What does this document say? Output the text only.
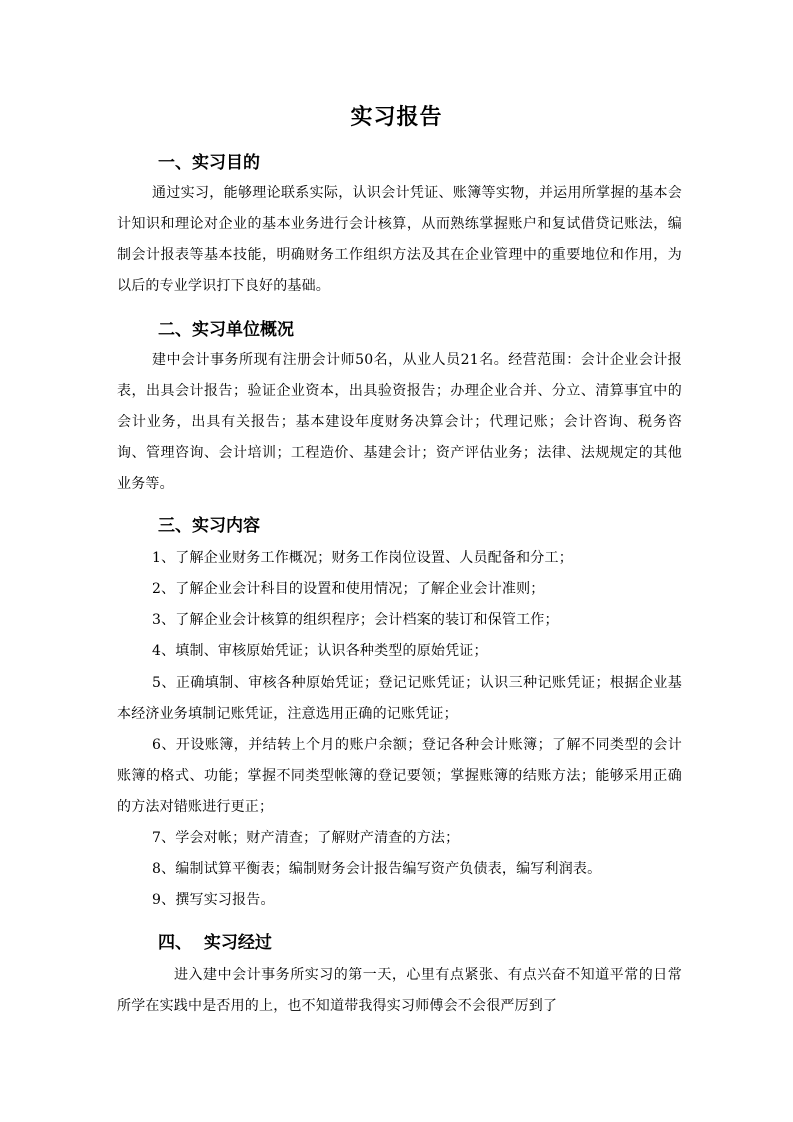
实习报告
一、实习目的
通过实习，能够理论联系实际，认识会计凭证、账簿等实物，并运用所掌握的基本会计知识和理论对企业的基本业务进行会计核算，从而熟练掌握账户和复试借贷记账法，编制会计报表等基本技能，明确财务工作组织方法及其在企业管理中的重要地位和作用，为以后的专业学识打下良好的基础。
二、实习单位概况
建中会计事务所现有注册会计师50名，从业人员21名。经营范围：会计企业会计报表，出具会计报告；验证企业资本，出具验资报告；办理企业合并、分立、清算事宜中的会计业务，出具有关报告；基本建设年度财务决算会计；代理记账；会计咨询、税务咨询、管理咨询、会计培训；工程造价、基建会计；资产评估业务；法律、法规规定的其他业务等。
三、实习内容
1、了解企业财务工作概况；财务工作岗位设置、人员配备和分工；
2、了解企业会计科目的设置和使用情况；了解企业会计准则；
3、了解企业会计核算的组织程序；会计档案的装订和保管工作；
4、填制、审核原始凭证；认识各种类型的原始凭证；
5、正确填制、审核各种原始凭证；登记记账凭证；认识三种记账凭证；根据企业基本经济业务填制记账凭证，注意选用正确的记账凭证；
6、开设账簿，并结转上个月的账户余额；登记各种会计账簿；了解不同类型的会计账簿的格式、功能；掌握不同类型帐簿的登记要领；掌握账簿的结账方法；能够采用正确的方法对错账进行更正；
7、学会对帐；财产清查；了解财产清查的方法；
8、编制试算平衡表；编制财务会计报告编写资产负债表，编写利润表。
9、撰写实习报告。
四、  实习经过
进入建中会计事务所实习的第一天，心里有点紧张、有点兴奋不知道平常的日常所学在实践中是否用的上，也不知道带我得实习师傅会不会很严厉到了
